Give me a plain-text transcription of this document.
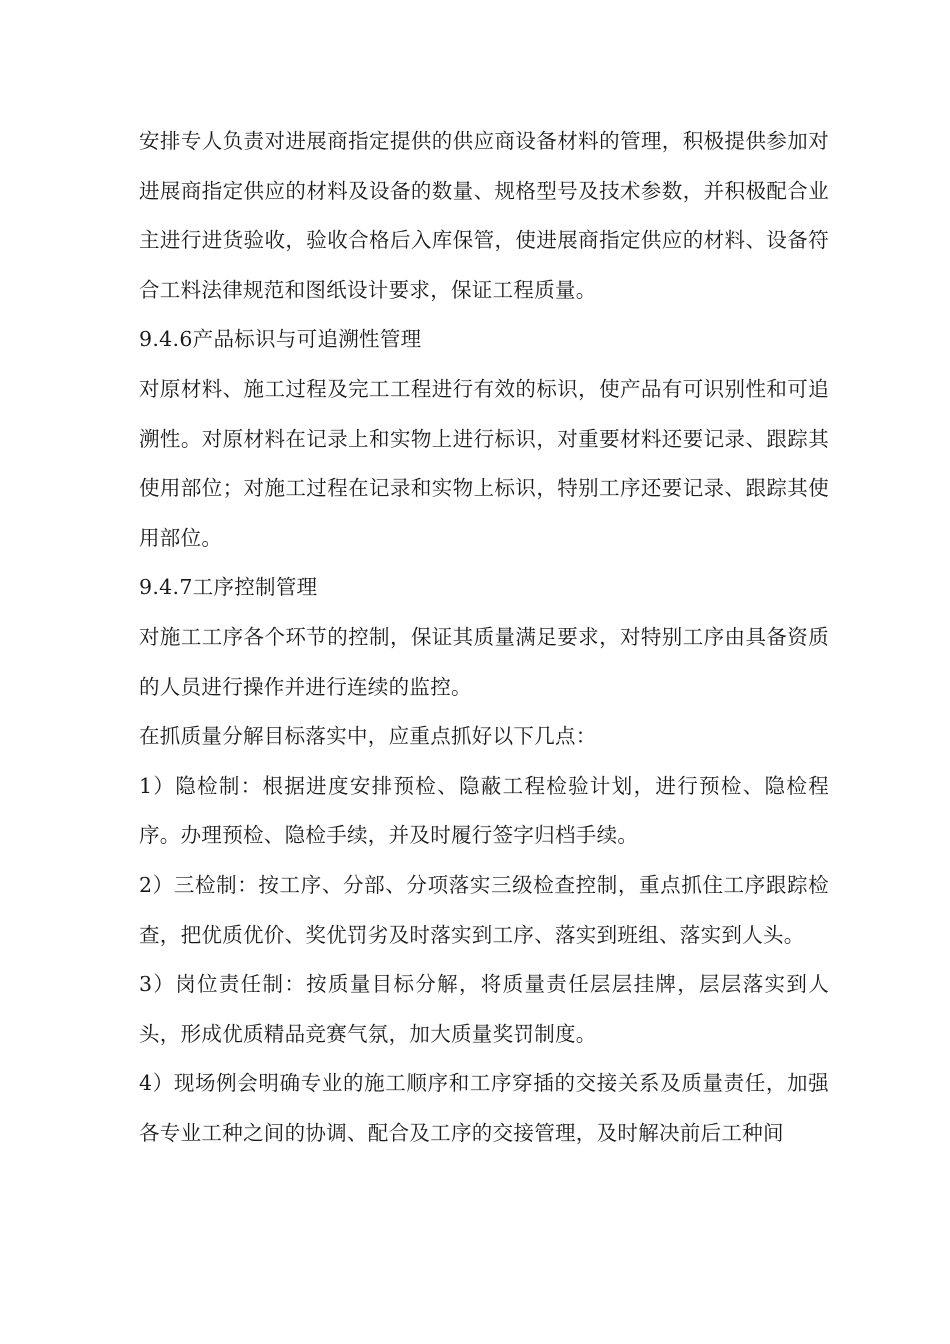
安排专人负责对进展商指定提供的供应商设备材料的管理，积极提供参加对进展商指定供应的材料及设备的数量、规格型号及技术参数，并积极配合业主进行进货验收，验收合格后入库保管，使进展商指定供应的材料、设备符合工料法律规范和图纸设计要求，保证工程质量。

9.4.6产品标识与可追溯性管理

对原材料、施工过程及完工工程进行有效的标识，使产品有可识别性和可追溯性。对原材料在记录上和实物上进行标识，对重要材料还要记录、跟踪其使用部位；对施工过程在记录和实物上标识，特别工序还要记录、跟踪其使用部位。

9.4.7工序控制管理

对施工工序各个环节的控制，保证其质量满足要求，对特别工序由具备资质的人员进行操作并进行连续的监控。

在抓质量分解目标落实中，应重点抓好以下几点：

1）隐检制：根据进度安排预检、隐蔽工程检验计划，进行预检、隐检程序。办理预检、隐检手续，并及时履行签字归档手续。

2）三检制：按工序、分部、分项落实三级检查控制，重点抓住工序跟踪检查，把优质优价、奖优罚劣及时落实到工序、落实到班组、落实到人头。

3）岗位责任制：按质量目标分解，将质量责任层层挂牌，层层落实到人头，形成优质精品竞赛气氛，加大质量奖罚制度。

4）现场例会明确专业的施工顺序和工序穿插的交接关系及质量责任，加强各专业工种之间的协调、配合及工序的交接管理，及时解决前后工种间
